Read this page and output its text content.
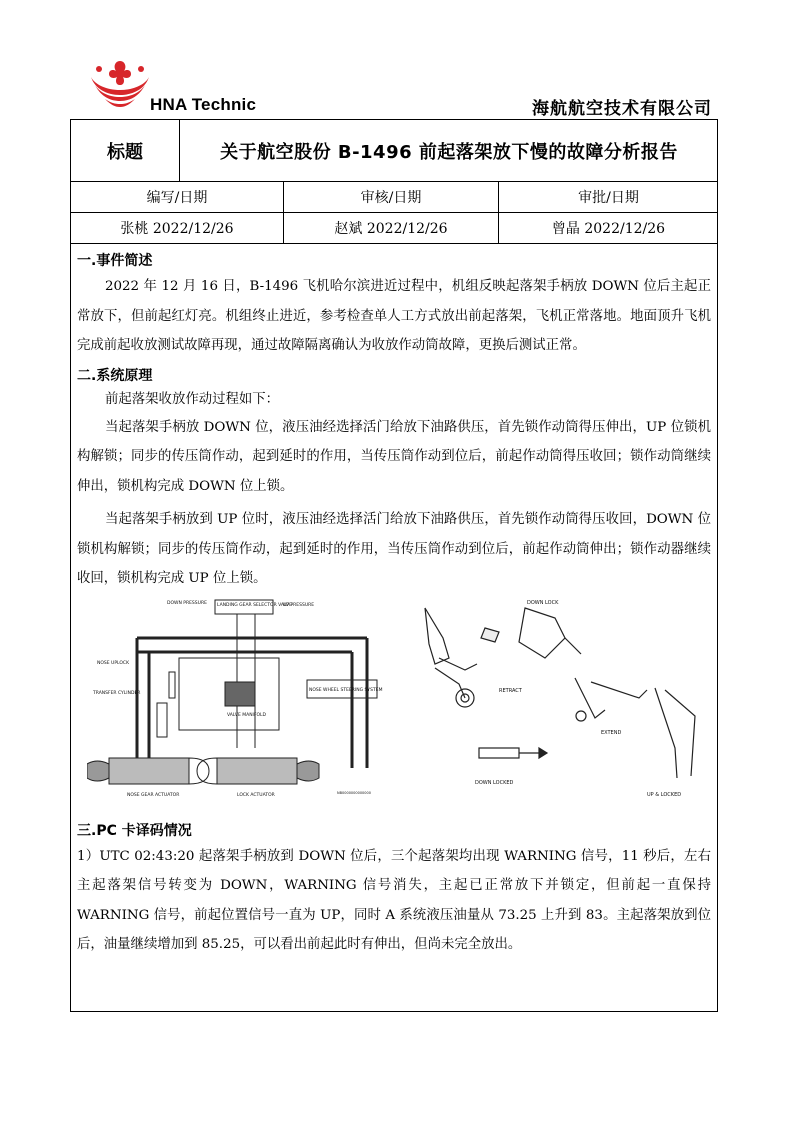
HNA Technic	海航航空技术有限公司
标题	关于航空股份 B-1496 前起落架放下慢的故障分析报告
编写/日期	审核/日期	审批/日期
张桃 2022/12/26	赵斌 2022/12/26	曾晶 2022/12/26
一.事件简述

2022 年 12 月 16 日，B-1496 飞机哈尔滨进近过程中，机组反映起落架手柄放 DOWN 位后主起正常放下，但前起红灯亮。机组终止进近，参考检查单人工方式放出前起落架，飞机正常落地。地面顶升飞机完成前起收放测试故障再现，通过故障隔离确认为收放作动筒故障，更换后测试正常。

二.系统原理

前起落架收放作动过程如下：

当起落架手柄放 DOWN 位，液压油经选择活门给放下油路供压，首先锁作动筒得压伸出，UP 位锁机构解锁；同步的传压筒作动，起到延时的作用，当传压筒作动到位后，前起作动筒得压收回；锁作动筒继续伸出，锁机构完成 DOWN 位上锁。

当起落架手柄放到 UP 位时，液压油经选择活门给放下油路供压，首先锁作动筒得压收回，DOWN 位锁机构解锁；同步的传压筒作动，起到延时的作用，当传压筒作动到位后，前起作动筒伸出；锁作动器继续收回，锁机构完成 UP 位上锁。

DOWN PRESSURE LANDING GEAR SELECTOR VALVE
UP PRESSURE
NOSE UPLOCK
TRANSFER CYLINDER
NOSE WHEEL STEERING SYSTEM
VALVE MANIFOLD
NOSE GEAR ACTUATOR	LOCK ACTUATOR	NB0000000000000
DOWN LOCK
RETRACT
EXTEND
DOWN LOCKED
UP & LOCKED
三.PC 卡译码情况

1）UTC 02:43:20 起落架手柄放到 DOWN 位后，三个起落架均出现 WARNING 信号，11 秒后，左右主起落架信号转变为 DOWN，WARNING 信号消失，主起已正常放下并锁定，但前起一直保持 WARNING 信号，前起位置信号一直为 UP，同时 A 系统液压油量从 73.25 上升到 83。主起落架放到位后，油量继续增加到 85.25，可以看出前起此时有伸出，但尚未完全放出。
